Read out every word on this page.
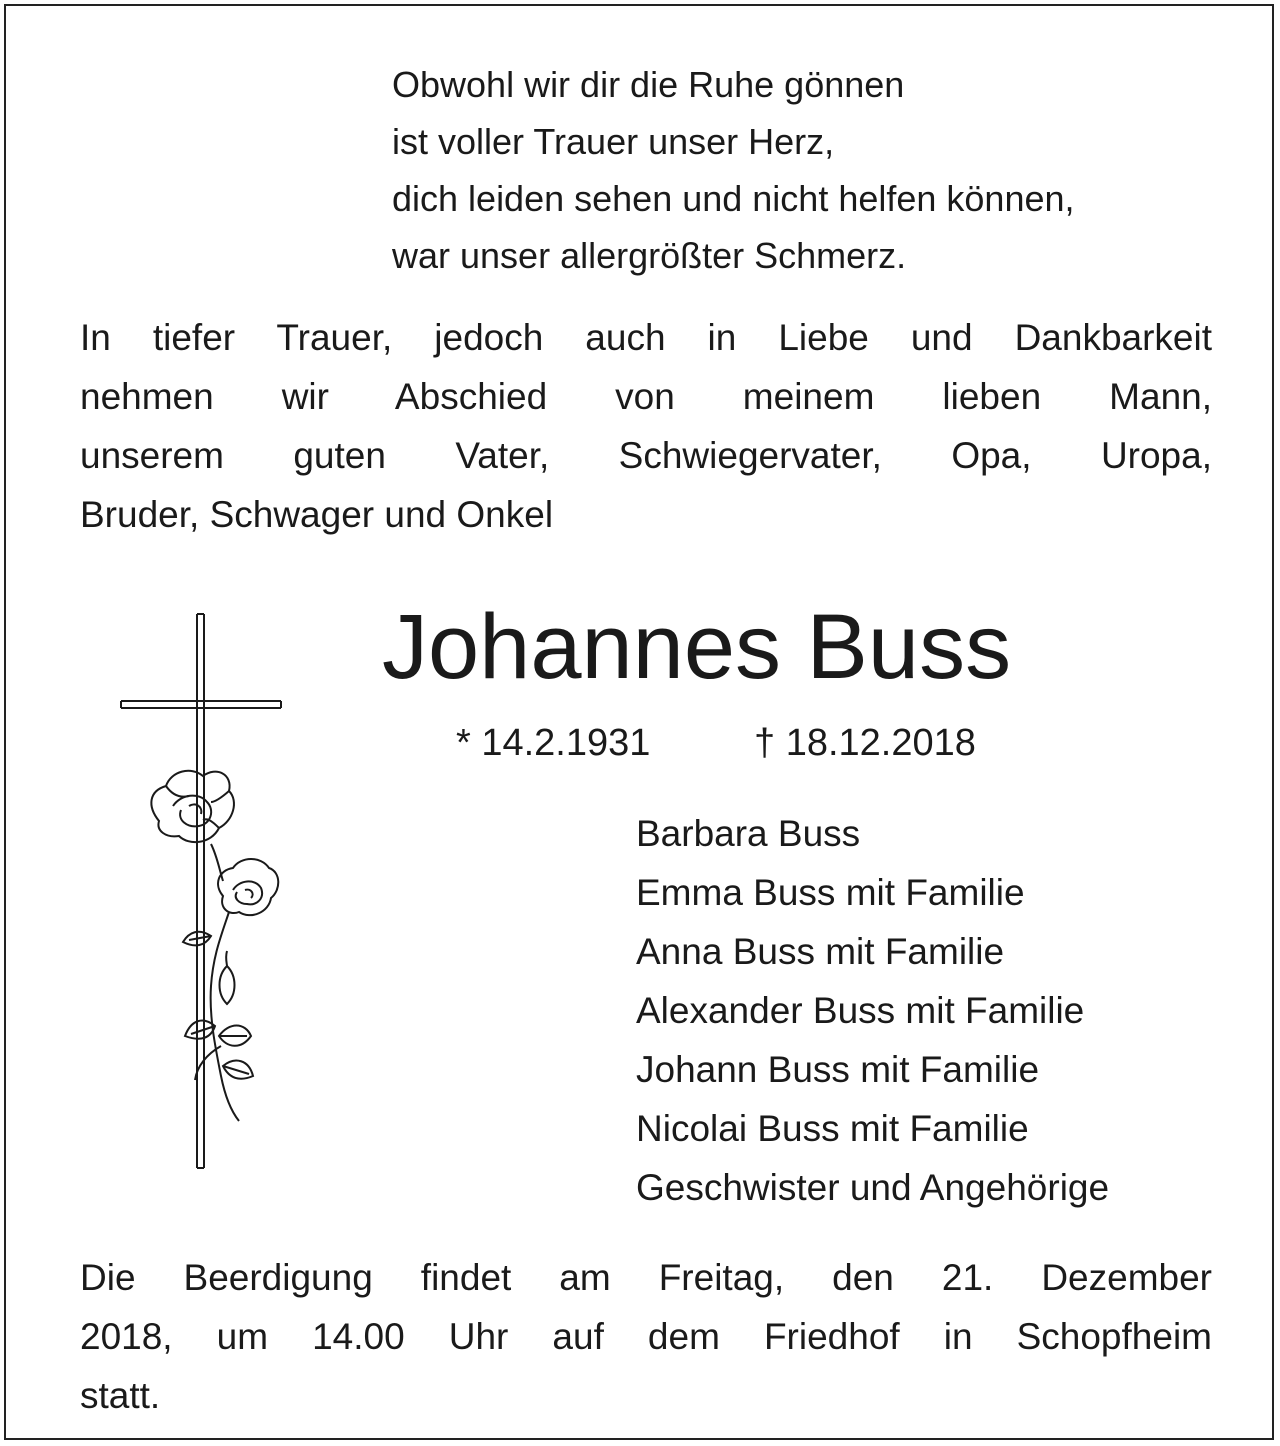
Obwohl wir dir die Ruhe gönnen
ist voller Trauer unser Herz,
dich leiden sehen und nicht helfen können,
war unser allergrößter Schmerz.
In tiefer Trauer, jedoch auch in Liebe und Dankbarkeit
nehmen wir Abschied von meinem lieben Mann,
unserem guten Vater, Schwiegervater, Opa, Uropa,
Bruder, Schwager und Onkel
Johannes Buss
* 14.2.1931	† 18.12.2018
Barbara Buss
Emma Buss mit Familie
Anna Buss mit Familie
Alexander Buss mit Familie
Johann Buss mit Familie
Nicolai Buss mit Familie
Geschwister und Angehörige
Die Beerdigung findet am Freitag, den 21. Dezember
2018, um 14.00 Uhr auf dem Friedhof in Schopfheim
statt.
